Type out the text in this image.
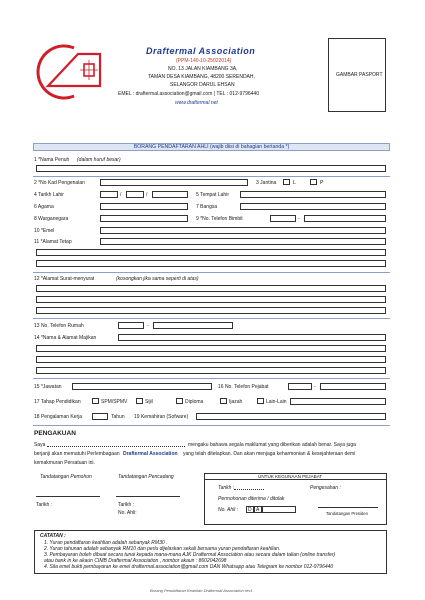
Draftermal Association
(PPM-140-10-25022014)
NO. 13 JALAN KIAMBANG 3A,
TAMAN DESA KIAMBANG, 48200 SERENDAH,
SELANGOR DARUL EHSAN
EMEL : draftermal.association@gmail.com | TEL : 012-9796440
www.draftermal.net
GAMBAR PASPORT
BORANG PENDAFTARAN AHLI (wajib diisi di bahagian bertanda *)
1 *Nama Penuh (dalam huruf besar)
2 *No Kad Pengenalan	3 Jantina	L	P
4 Tarikh Lahir	/	/	5 Tempat Lahir
6 Agama	7 Bangsa
8 Warganegara	9 *No. Telefon Bimbit	-
10 *Emel
11 *Alamat Tetap
12 *Alamat Surat-menyurat	(kosongkan jika sama seperti di atas)
13 No. Telefon Rumah	-
14 *Nama & Alamat Majikan
15 *Jawatan	16 No. Telefon Pejabat	-
17 Tahap Pendidikan	SPM/SPMV	Sijil	Diploma	Ijazah	Lain-Lain
18 Pengalaman Kerja	Tahun 19 Kemahiran (Sofware)
PENGAKUAN
Saya	mengaku bahawa segala maklumat yang diberikan adalah benar. Saya juga
berjanji akan mematuhi Perlembagaan Draftermal Association yang telah ditetapkan. Dan akan menjaga keharmonian & kesejahteraan demi
kemakmuran Persatuan ini.
Tandatangan Pemohon	Tandatangan Pencadang
Tarikh :	Tarikh :
No. Ahli:
UNTUK KEGUNAAN PEJABAT
Tarikh :	Pengesahan :
Permohonan diterima / ditolak
No. Ahli : D A
Tandatangan Presiden
CATATAN :
1. Yuran pendaftaran keahlian adalah sebanyak RM30 .
2. Yuran tahunan adalah sebanyak RM10 dan perlu dijelaskan sekali bersama yuran pendaftaran keahlian.
3. Pembayaran boleh dibuat secara tunai kepada mana-mana AJK Draftermal Association atau secara dalam talian (online transfer)
atau bank in ke akaun CIMB Draftermal Association , nombor akaun : 8602042698
4. Sila emel bukti pembayaran ke emel draftermal.association@gmail.com DAN Whatsapp atau Telegram ke nombor 012-9796440
Borang Pendaftaran Keahlian Draftermal Association rev1
